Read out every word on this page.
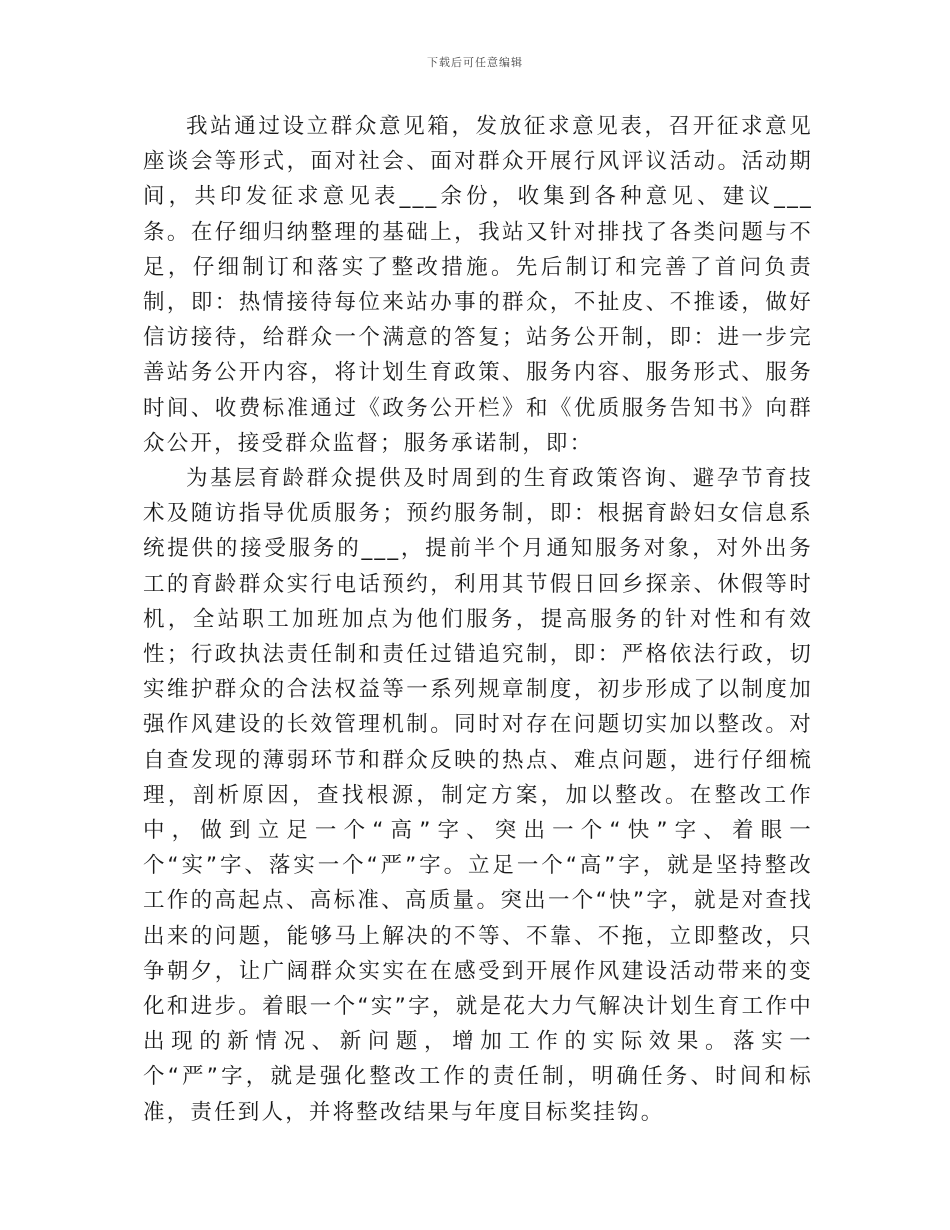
下载后可任意编辑

我站通过设立群众意见箱，发放征求意见表，召开征求意见座谈会等形式，面对社会、面对群众开展行风评议活动。活动期间，共印发征求意见表___余份，收集到各种意见、建议___条。在仔细归纳整理的基础上，我站又针对排找了各类问题与不足，仔细制订和落实了整改措施。先后制订和完善了首问负责制，即：热情接待每位来站办事的群众，不扯皮、不推诿，做好信访接待，给群众一个满意的答复；站务公开制，即：进一步完善站务公开内容，将计划生育政策、服务内容、服务形式、服务时间、收费标准通过《政务公开栏》和《优质服务告知书》向群众公开，接受群众监督；服务承诺制，即：

为基层育龄群众提供及时周到的生育政策咨询、避孕节育技术及随访指导优质服务；预约服务制，即：根据育龄妇女信息系统提供的接受服务的___，提前半个月通知服务对象，对外出务工的育龄群众实行电话预约，利用其节假日回乡探亲、休假等时机，全站职工加班加点为他们服务，提高服务的针对性和有效性；行政执法责任制和责任过错追究制，即：严格依法行政，切实维护群众的合法权益等一系列规章制度，初步形成了以制度加强作风建设的长效管理机制。同时对存在问题切实加以整改。对自查发现的薄弱环节和群众反映的热点、难点问题，进行仔细梳理，剖析原因，查找根源，制定方案，加以整改。在整改工作中，做到立足一个“高”字、突出一个“快”字、着眼一个“实”字、落实一个“严”字。立足一个“高”字，就是坚持整改工作的高起点、高标准、高质量。突出一个“快”字，就是对查找出来的问题，能够马上解决的不等、不靠、不拖，立即整改，只争朝夕，让广阔群众实实在在感受到开展作风建设活动带来的变化和进步。着眼一个“实”字，就是花大力气解决计划生育工作中出现的新情况、新问题，增加工作的实际效果。落实一个“严”字，就是强化整改工作的责任制，明确任务、时间和标准，责任到人，并将整改结果与年度目标奖挂钩。
